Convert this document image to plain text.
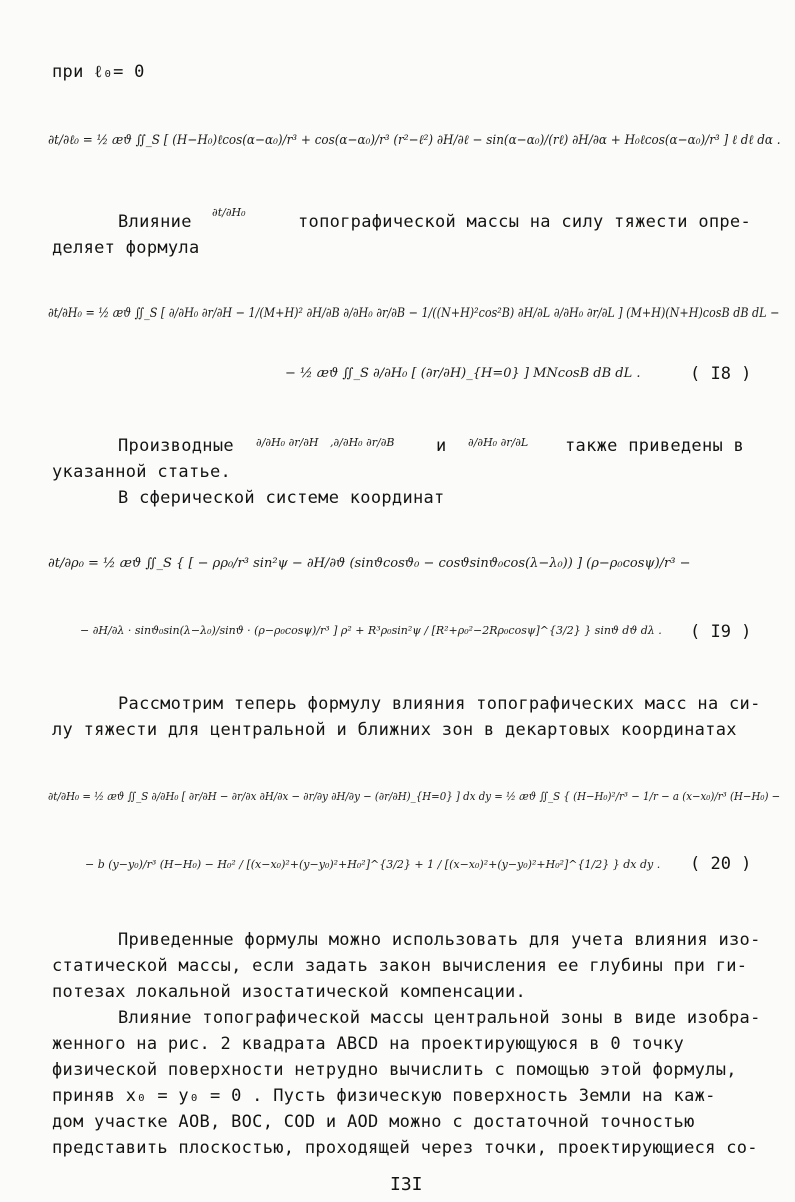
при ℓ₀= 0
∂t/∂ℓ₀ = ½ æϑ ∬_S [ (H−H₀)ℓcos(α−α₀)/r³ + cos(α−α₀)/r³ (r²−ℓ²) ∂H/∂ℓ − sin(α−α₀)/(rℓ) ∂H/∂α + H₀ℓcos(α−α₀)/r³ ] ℓ dℓ dα .
Влияние ∂t/∂H₀	топографической массы на силу тяжести опре-
деляет формула
∂t/∂H₀ = ½ æϑ ∬_S [ ∂/∂H₀ ∂r/∂H − 1/(M+H)² ∂H/∂B ∂/∂H₀ ∂r/∂B − 1/((N+H)²cos²B) ∂H/∂L ∂/∂H₀ ∂r/∂L ] (M+H)(N+H)cosB dB dL −
− ½ æϑ ∬_S ∂/∂H₀ [ (∂r/∂H)_{H=0} ] MNcosB dB dL .	( I8 )
Производные ∂/∂H₀ ∂r/∂H ,∂/∂H₀ ∂r/∂B и ∂/∂H₀ ∂r/∂L также приведены в
указанной статье.
В сферической системе координат
∂t/∂ρ₀ = ½ æϑ ∬_S { [ − ρρ₀/r³ sin²ψ − ∂H/∂ϑ (sinϑcosϑ₀ − cosϑsinϑ₀cos(λ−λ₀)) ] (ρ−ρ₀cosψ)/r³ −
− ∂H/∂λ · sinϑ₀sin(λ−λ₀)/sinϑ · (ρ−ρ₀cosψ)/r³ ] ρ² + R³ρ₀sin²ψ / [R²+ρ₀²−2Rρ₀cosψ]^{3/2} } sinϑ dϑ dλ . ( I9 )
Рассмотрим теперь формулу влияния топографических масс на си-
лу тяжести для центральной и ближних зон в декартовых координатах
∂t/∂H₀ = ½ æϑ ∬_S ∂/∂H₀ [ ∂r/∂H − ∂r/∂x ∂H/∂x − ∂r/∂y ∂H/∂y − (∂r/∂H)_{H=0} ] dx dy = ½ æϑ ∬_S { (H−H₀)²/r³ − 1/r − a (x−x₀)/r³ (H−H₀) −
− b (y−y₀)/r³ (H−H₀) − H₀² / [(x−x₀)²+(y−y₀)²+H₀²]^{3/2} + 1 / [(x−x₀)²+(y−y₀)²+H₀²]^{1/2} } dx dy . ( 20 )
Приведенные формулы можно использовать для учета влияния изо-
статической массы, если задать закон вычисления ее глубины при ги-
потезах локальной изостатической компенсации.
Влияние топографической массы центральной зоны в виде изобра-
женного на рис. 2 квадрата ABCD на проектирующуюся в 0 точку
физической поверхности нетрудно вычислить с помощью этой формулы,
приняв x₀ = y₀ = 0 . Пусть физическую поверхность Земли на каж-
дом участке AOB, BOC, COD и AOD можно с достаточной точностью
представить плоскостью, проходящей через точки, проектирующиеся со-
I3I
